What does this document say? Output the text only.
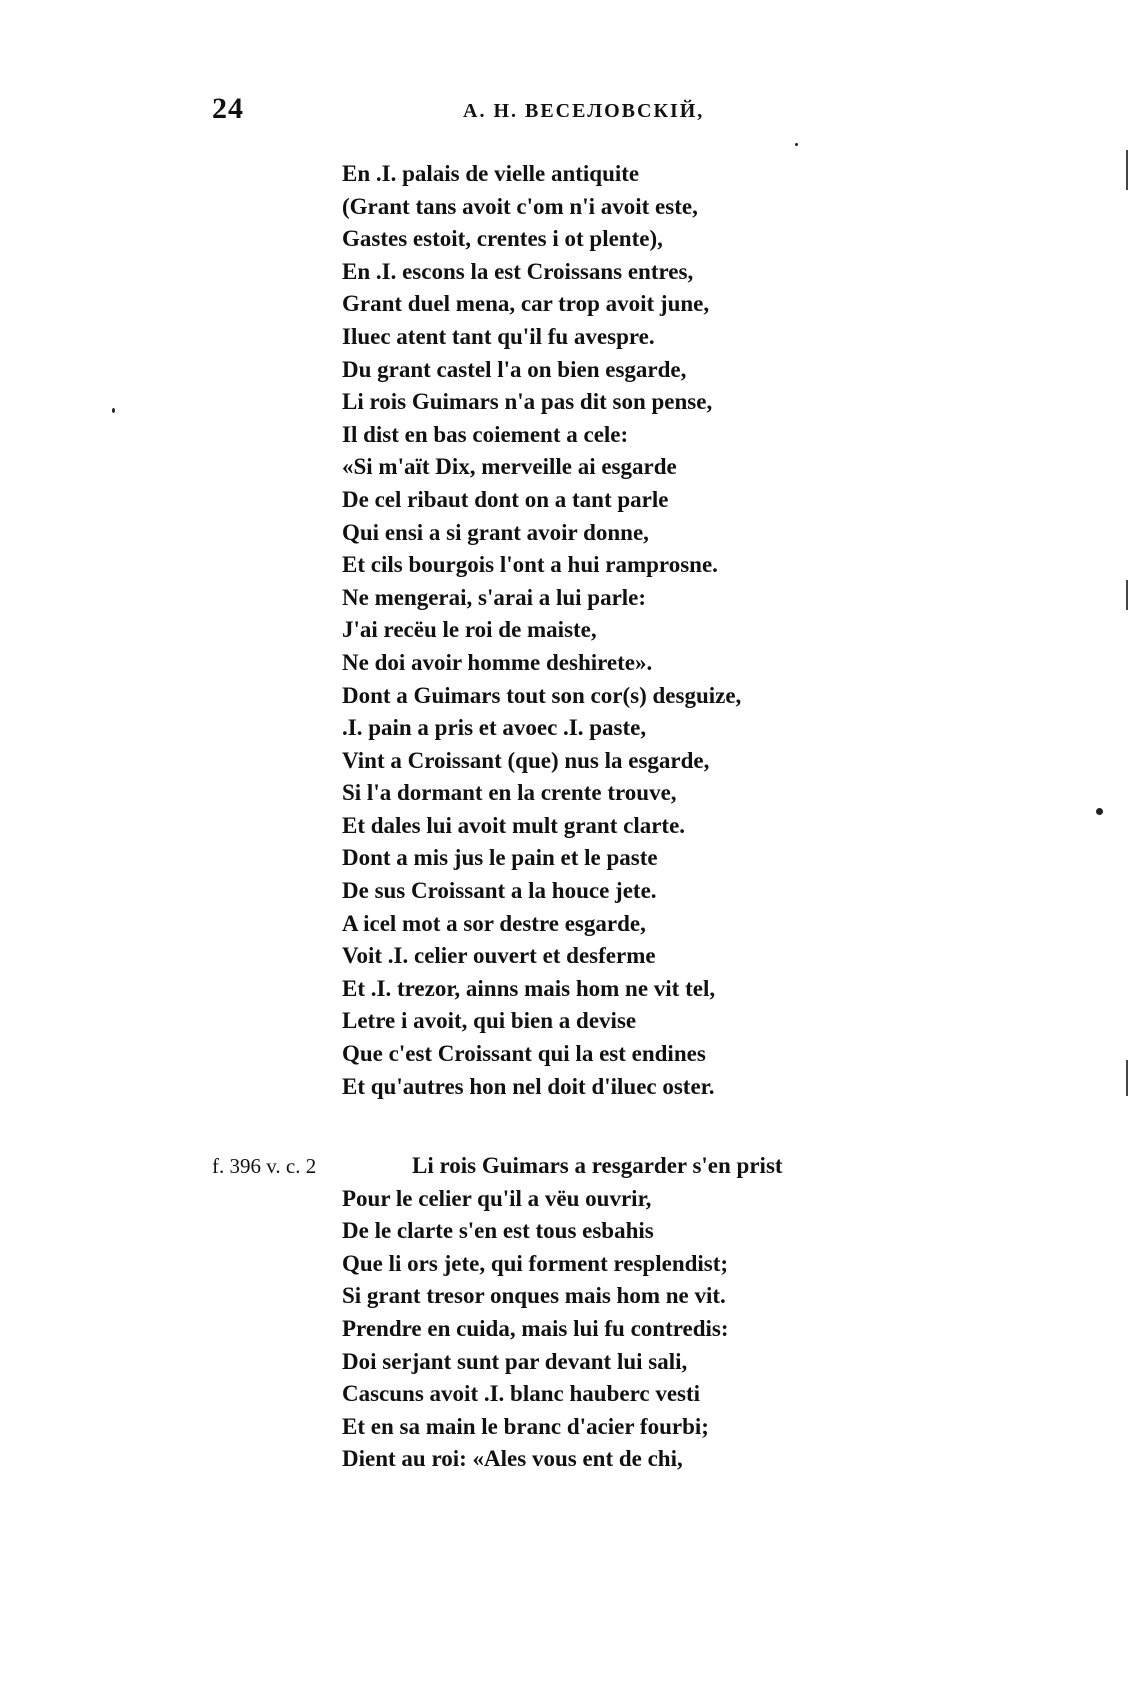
24	А. Н. ВЕСЕЛОВСКІЙ,
En .I. palais de vielle antiquite
(Grant tans avoit c'om n'i avoit este,
Gastes estoit, crentes i ot plente),
En .I. escons la est Croissans entres,
Grant duel mena, car trop avoit june,
Iluec atent tant qu'il fu avespre.
Du grant castel l'a on bien esgarde,
Li rois Guimars n'a pas dit son pense,
Il dist en bas coiement a cele:
«Si m'aït Dix, merveille ai esgarde
De cel ribaut dont on a tant parle
Qui ensi a si grant avoir donne,
Et cils bourgois l'ont a hui ramprosne.
Ne mengerai, s'arai a lui parle:
J'ai recëu le roi de maiste,
Ne doi avoir homme deshirete».
Dont a Guimars tout son cor(s) desguize,
.I. pain a pris et avoec .I. paste,
Vint a Croissant (que) nus la esgarde,
Si l'a dormant en la crente trouve,
Et dales lui avoit mult grant clarte.
Dont a mis jus le pain et le paste
De sus Croissant a la houce jete.
A icel mot a sor destre esgarde,
Voit .I. celier ouvert et desferme
Et .I. trezor, ainns mais hom ne vit tel,
Letre i avoit, qui bien a devise
Que c'est Croissant qui la est endines
Et qu'autres hon nel doit d'iluec oster.
f. 396 v. c. 2	Li rois Guimars a resgarder s'en prist
Pour le celier qu'il a vëu ouvrir,
De le clarte s'en est tous esbahis
Que li ors jete, qui forment resplendist;
Si grant tresor onques mais hom ne vit.
Prendre en cuida, mais lui fu contredis:
Doi serjant sunt par devant lui sali,
Cascuns avoit .I. blanc hauberc vesti
Et en sa main le branc d'acier fourbi;
Dient au roi: «Ales vous ent de chi,
